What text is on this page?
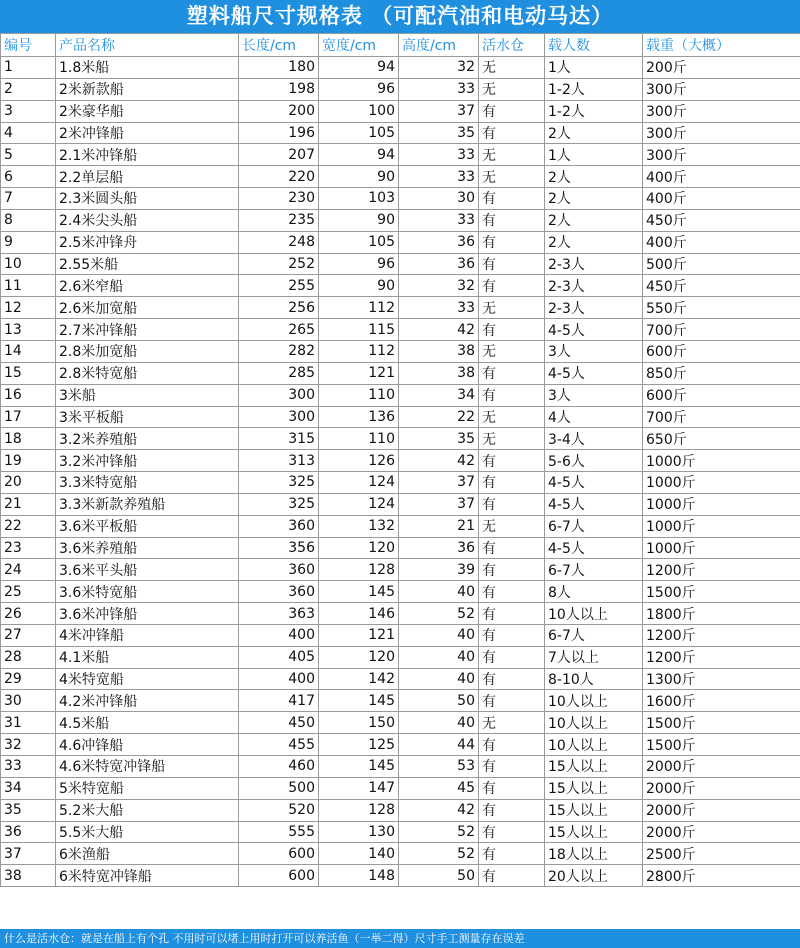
塑料船尺寸规格表 （可配汽油和电动马达）
编号	产品名称	长度/cm	宽度/cm	高度/cm	活水仓	载人数	载重（大概）
1	1.8米船	180	94	32	无	1人	200斤
2	2米新款船	198	96	33	无	1-2人	300斤
3	2米豪华船	200	100	37	有	1-2人	300斤
4	2米冲锋船	196	105	35	有	2人	300斤
5	2.1米冲锋船	207	94	33	无	1人	300斤
6	2.2单层船	220	90	33	无	2人	400斤
7	2.3米圆头船	230	103	30	有	2人	400斤
8	2.4米尖头船	235	90	33	有	2人	450斤
9	2.5米冲锋舟	248	105	36	有	2人	400斤
10	2.55米船	252	96	36	有	2-3人	500斤
11	2.6米窄船	255	90	32	有	2-3人	450斤
12	2.6米加宽船	256	112	33	无	2-3人	550斤
13	2.7米冲锋船	265	115	42	有	4-5人	700斤
14	2.8米加宽船	282	112	38	无	3人	600斤
15	2.8米特宽船	285	121	38	有	4-5人	850斤
16	3米船	300	110	34	有	3人	600斤
17	3米平板船	300	136	22	无	4人	700斤
18	3.2米养殖船	315	110	35	无	3-4人	650斤
19	3.2米冲锋船	313	126	42	有	5-6人	1000斤
20	3.3米特宽船	325	124	37	有	4-5人	1000斤
21	3.3米新款养殖船	325	124	37	有	4-5人	1000斤
22	3.6米平板船	360	132	21	无	6-7人	1000斤
23	3.6米养殖船	356	120	36	有	4-5人	1000斤
24	3.6米平头船	360	128	39	有	6-7人	1200斤
25	3.6米特宽船	360	145	40	有	8人	1500斤
26	3.6米冲锋船	363	146	52	有	10人以上	1800斤
27	4米冲锋船	400	121	40	有	6-7人	1200斤
28	4.1米船	405	120	40	有	7人以上	1200斤
29	4米特宽船	400	142	40	有	8-10人	1300斤
30	4.2米冲锋船	417	145	50	有	10人以上	1600斤
31	4.5米船	450	150	40	无	10人以上	1500斤
32	4.6冲锋船	455	125	44	有	10人以上	1500斤
33	4.6米特宽冲锋船	460	145	53	有	15人以上	2000斤
34	5米特宽船	500	147	45	有	15人以上	2000斤
35	5.2米大船	520	128	42	有	15人以上	2000斤
36	5.5米大船	555	130	52	有	15人以上	2000斤
37	6米渔船	600	140	52	有	18人以上	2500斤
38	6米特宽冲锋船	600	148	50	有	20人以上	2800斤
什么是活水仓：就是在船上有个孔 不用时可以堵上用时打开可以养活鱼（一举二得）尺寸手工测量存在误差
